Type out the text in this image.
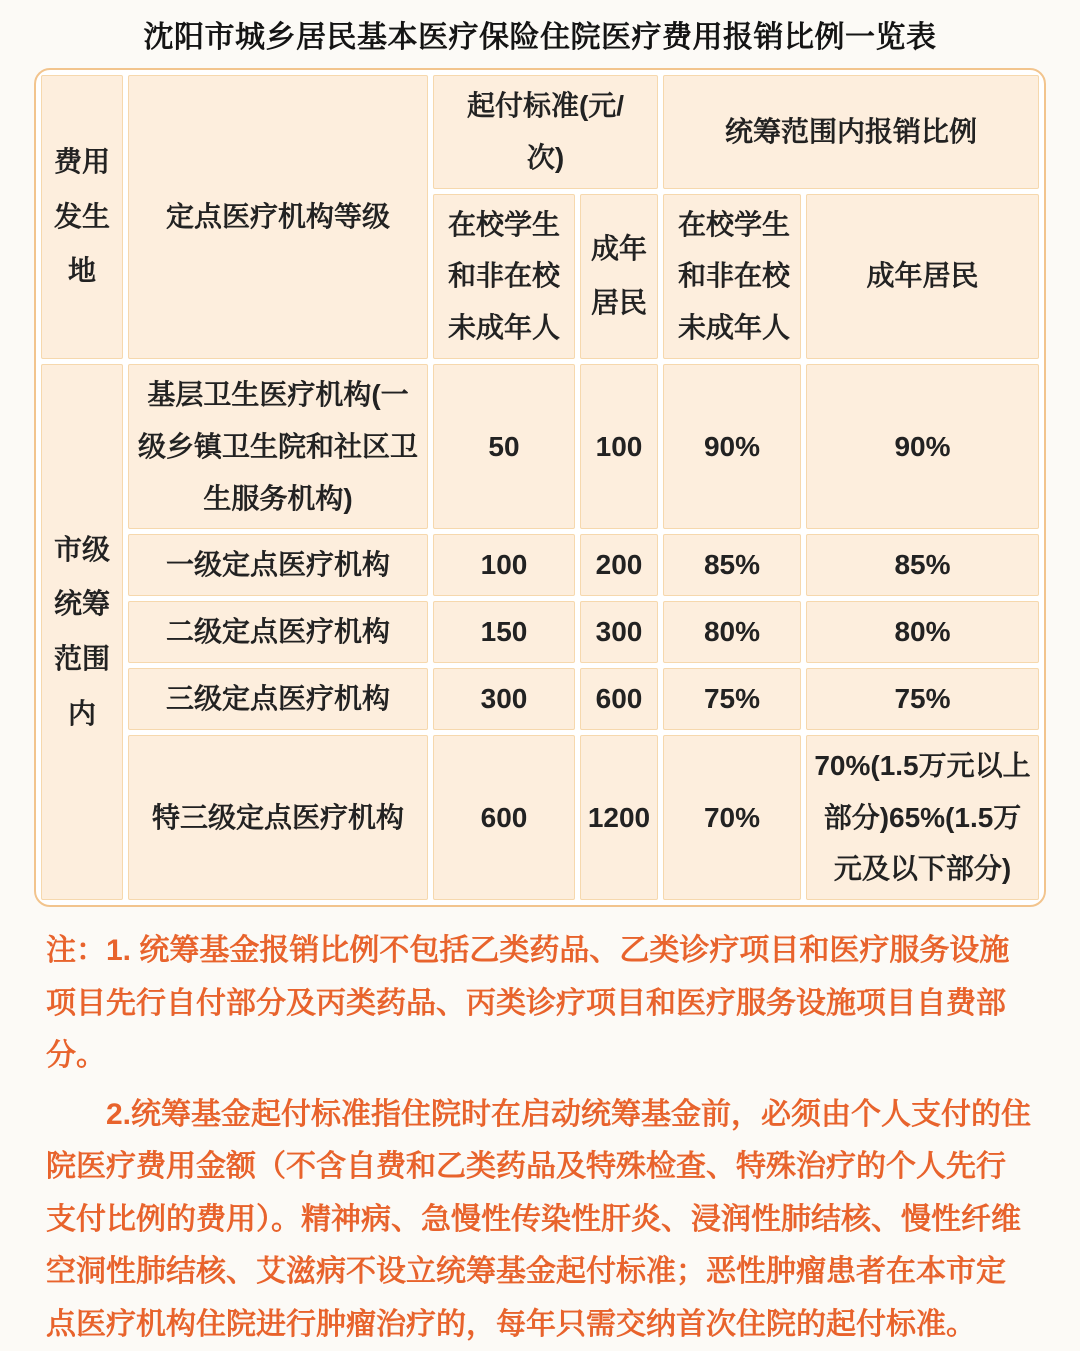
沈阳市城乡居民基本医疗保险住院医疗费用报销比例一览表
费用发生地	定点医疗机构等级	起付标准(元/次)		统筹范围内报销比例	
		在校学生和非在校未成年人	成年居民	在校学生和非在校未成年人	成年居民
市级统筹范围内	基层卫生医疗机构(一级乡镇卫生院和社区卫生服务机构)	50	100	90%	90%
	一级定点医疗机构	100	200	85%	85%
	二级定点医疗机构	150	300	80%	80%
	三级定点医疗机构	300	600	75%	75%
	特三级定点医疗机构	600	1200	70%	70%(1.5万元以上部分)65%(1.5万元及以下部分)

注：1. 统筹基金报销比例不包括乙类药品、乙类诊疗项目和医疗服务设施项目先行自付部分及丙类药品、丙类诊疗项目和医疗服务设施项目自费部分。

2.统筹基金起付标准指住院时在启动统筹基金前，必须由个人支付的住院医疗费用金额（不含自费和乙类药品及特殊检查、特殊治疗的个人先行支付比例的费用）。精神病、急慢性传染性肝炎、浸润性肺结核、慢性纤维空洞性肺结核、艾滋病不设立统筹基金起付标准；恶性肿瘤患者在本市定点医疗机构住院进行肿瘤治疗的，每年只需交纳首次住院的起付标准。
